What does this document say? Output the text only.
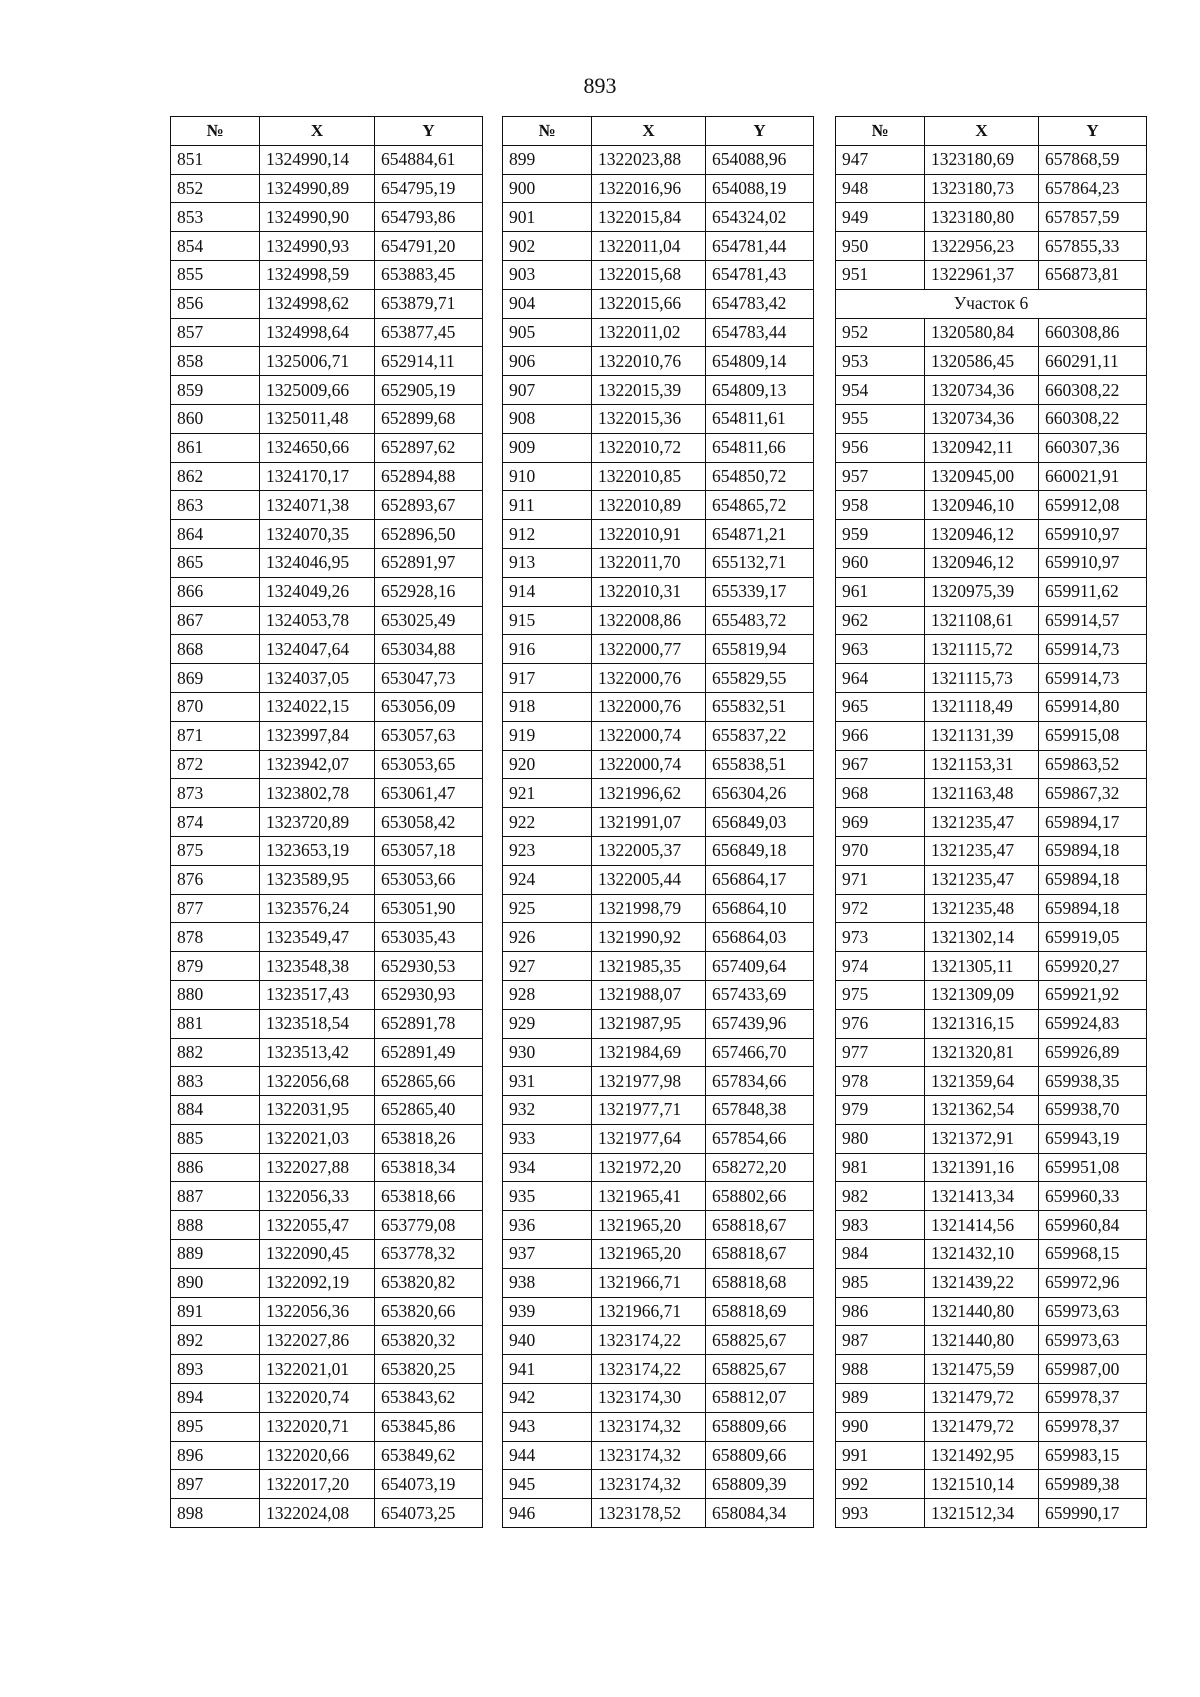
893
№	X	Y
851	1324990,14	654884,61
852	1324990,89	654795,19
853	1324990,90	654793,86
854	1324990,93	654791,20
855	1324998,59	653883,45
856	1324998,62	653879,71
857	1324998,64	653877,45
858	1325006,71	652914,11
859	1325009,66	652905,19
860	1325011,48	652899,68
861	1324650,66	652897,62
862	1324170,17	652894,88
863	1324071,38	652893,67
864	1324070,35	652896,50
865	1324046,95	652891,97
866	1324049,26	652928,16
867	1324053,78	653025,49
868	1324047,64	653034,88
869	1324037,05	653047,73
870	1324022,15	653056,09
871	1323997,84	653057,63
872	1323942,07	653053,65
873	1323802,78	653061,47
874	1323720,89	653058,42
875	1323653,19	653057,18
876	1323589,95	653053,66
877	1323576,24	653051,90
878	1323549,47	653035,43
879	1323548,38	652930,53
880	1323517,43	652930,93
881	1323518,54	652891,78
882	1323513,42	652891,49
883	1322056,68	652865,66
884	1322031,95	652865,40
885	1322021,03	653818,26
886	1322027,88	653818,34
887	1322056,33	653818,66
888	1322055,47	653779,08
889	1322090,45	653778,32
890	1322092,19	653820,82
891	1322056,36	653820,66
892	1322027,86	653820,32
893	1322021,01	653820,25
894	1322020,74	653843,62
895	1322020,71	653845,86
896	1322020,66	653849,62
897	1322017,20	654073,19
898	1322024,08	654073,25
№	X	Y
899	1322023,88	654088,96
900	1322016,96	654088,19
901	1322015,84	654324,02
902	1322011,04	654781,44
903	1322015,68	654781,43
904	1322015,66	654783,42
905	1322011,02	654783,44
906	1322010,76	654809,14
907	1322015,39	654809,13
908	1322015,36	654811,61
909	1322010,72	654811,66
910	1322010,85	654850,72
911	1322010,89	654865,72
912	1322010,91	654871,21
913	1322011,70	655132,71
914	1322010,31	655339,17
915	1322008,86	655483,72
916	1322000,77	655819,94
917	1322000,76	655829,55
918	1322000,76	655832,51
919	1322000,74	655837,22
920	1322000,74	655838,51
921	1321996,62	656304,26
922	1321991,07	656849,03
923	1322005,37	656849,18
924	1322005,44	656864,17
925	1321998,79	656864,10
926	1321990,92	656864,03
927	1321985,35	657409,64
928	1321988,07	657433,69
929	1321987,95	657439,96
930	1321984,69	657466,70
931	1321977,98	657834,66
932	1321977,71	657848,38
933	1321977,64	657854,66
934	1321972,20	658272,20
935	1321965,41	658802,66
936	1321965,20	658818,67
937	1321965,20	658818,67
938	1321966,71	658818,68
939	1321966,71	658818,69
940	1323174,22	658825,67
941	1323174,22	658825,67
942	1323174,30	658812,07
943	1323174,32	658809,66
944	1323174,32	658809,66
945	1323174,32	658809,39
946	1323178,52	658084,34
№	X	Y
947	1323180,69	657868,59
948	1323180,73	657864,23
949	1323180,80	657857,59
950	1322956,23	657855,33
951	1322961,37	656873,81
Участок 6		
952	1320580,84	660308,86
953	1320586,45	660291,11
954	1320734,36	660308,22
955	1320734,36	660308,22
956	1320942,11	660307,36
957	1320945,00	660021,91
958	1320946,10	659912,08
959	1320946,12	659910,97
960	1320946,12	659910,97
961	1320975,39	659911,62
962	1321108,61	659914,57
963	1321115,72	659914,73
964	1321115,73	659914,73
965	1321118,49	659914,80
966	1321131,39	659915,08
967	1321153,31	659863,52
968	1321163,48	659867,32
969	1321235,47	659894,17
970	1321235,47	659894,18
971	1321235,47	659894,18
972	1321235,48	659894,18
973	1321302,14	659919,05
974	1321305,11	659920,27
975	1321309,09	659921,92
976	1321316,15	659924,83
977	1321320,81	659926,89
978	1321359,64	659938,35
979	1321362,54	659938,70
980	1321372,91	659943,19
981	1321391,16	659951,08
982	1321413,34	659960,33
983	1321414,56	659960,84
984	1321432,10	659968,15
985	1321439,22	659972,96
986	1321440,80	659973,63
987	1321440,80	659973,63
988	1321475,59	659987,00
989	1321479,72	659978,37
990	1321479,72	659978,37
991	1321492,95	659983,15
992	1321510,14	659989,38
993	1321512,34	659990,17
